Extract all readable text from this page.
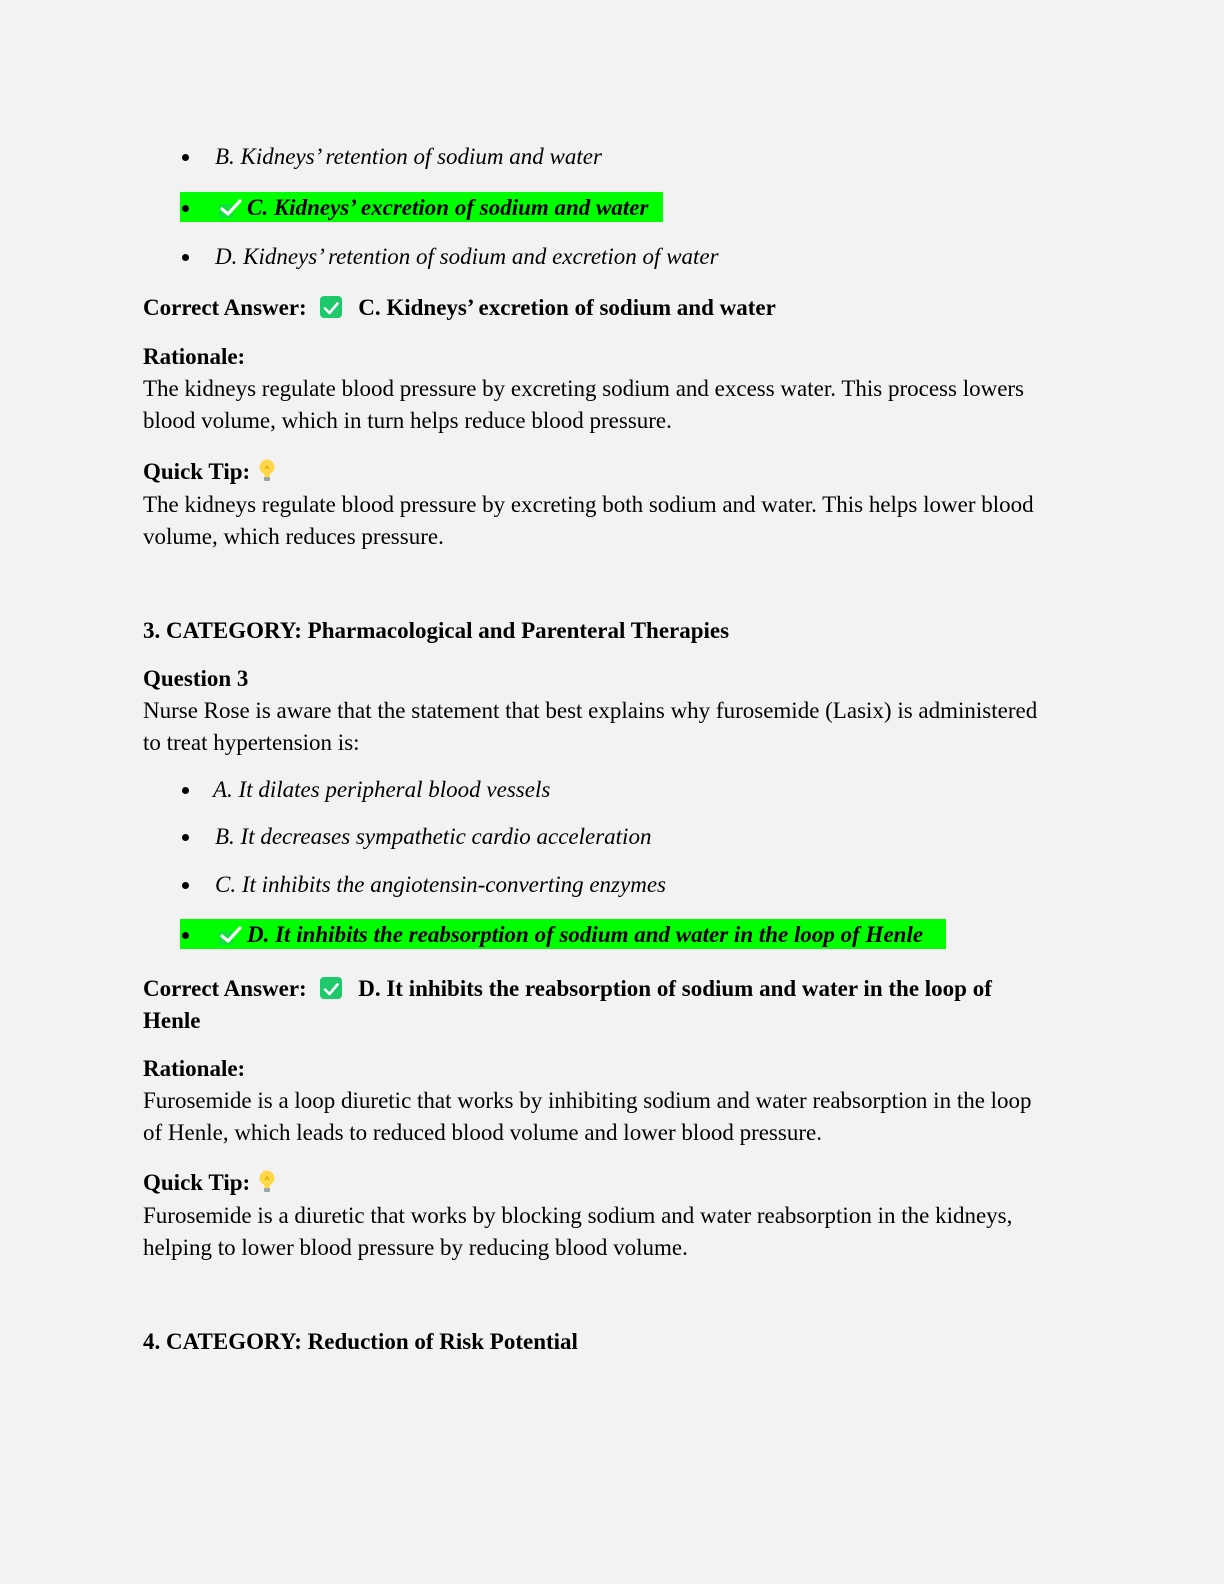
B. Kidneys’ retention of sodium and water
C. Kidneys’ excretion of sodium and water
D. Kidneys’ retention of sodium and excretion of water
Correct Answer: C. Kidneys’ excretion of sodium and water
Rationale:
The kidneys regulate blood pressure by excreting sodium and excess water. This process lowers
blood volume, which in turn helps reduce blood pressure.
Quick Tip:
The kidneys regulate blood pressure by excreting both sodium and water. This helps lower blood
volume, which reduces pressure.
3. CATEGORY: Pharmacological and Parenteral Therapies
Question 3
Nurse Rose is aware that the statement that best explains why furosemide (Lasix) is administered
to treat hypertension is:
A. It dilates peripheral blood vessels
B. It decreases sympathetic cardio acceleration
C. It inhibits the angiotensin-converting enzymes
D. It inhibits the reabsorption of sodium and water in the loop of Henle
Correct Answer: D. It inhibits the reabsorption of sodium and water in the loop of
Henle
Rationale:
Furosemide is a loop diuretic that works by inhibiting sodium and water reabsorption in the loop
of Henle, which leads to reduced blood volume and lower blood pressure.
Quick Tip:
Furosemide is a diuretic that works by blocking sodium and water reabsorption in the kidneys,
helping to lower blood pressure by reducing blood volume.
4. CATEGORY: Reduction of Risk Potential
